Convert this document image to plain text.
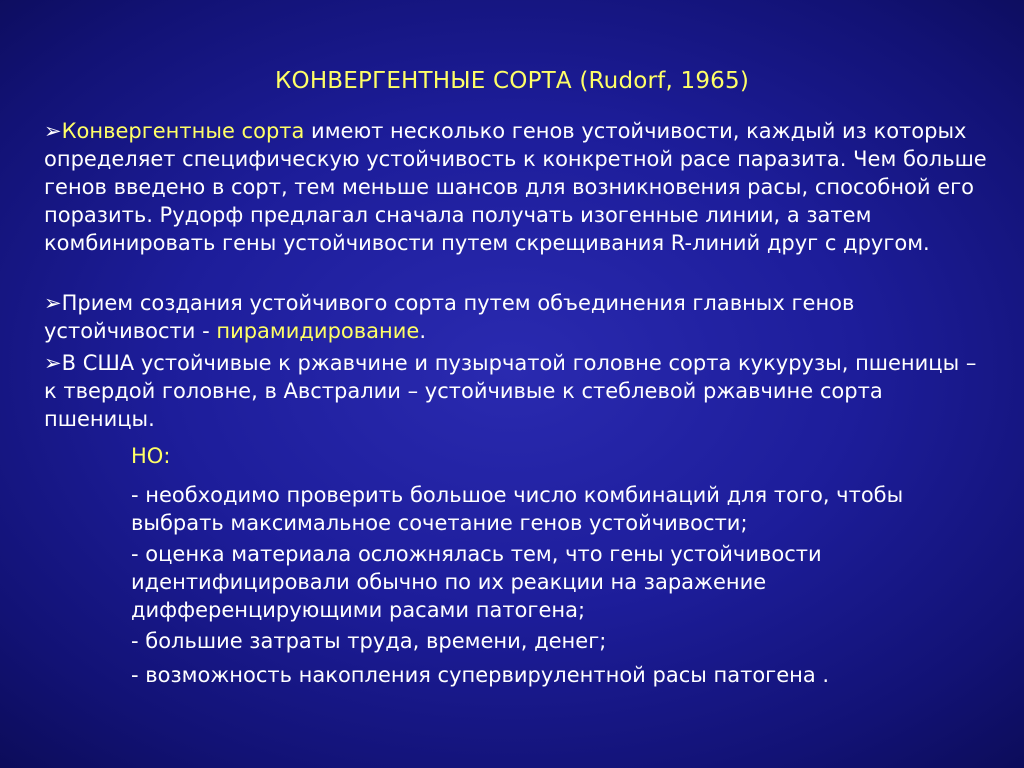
КОНВЕРГЕНТНЫЕ СОРТА (Rudorf, 1965)
➢Конвергентные сорта имеют несколько генов устойчивости, каждый из которых определяет специфическую устойчивость к конкретной расе паразита. Чем больше генов введено в сорт, тем меньше шансов для возникновения расы, способной его поразить. Рудорф предлагал сначала получать изогенные линии, а затем комбинировать гены устойчивости путем скрещивания R-линий друг с другом.
➢Прием создания устойчивого сорта путем объединения главных генов устойчивости - пирамидирование.
➢В США устойчивые к ржавчине и пузырчатой головне сорта кукурузы, пшеницы – к твердой головне, в Австралии – устойчивые к стеблевой ржавчине сорта пшеницы.
НО:
- необходимо проверить большое число комбинаций для того, чтобы выбрать максимальное сочетание генов устойчивости;
- оценка материала осложнялась тем, что гены устойчивости идентифицировали обычно по их реакции на заражение дифференцирующими расами патогена;
- большие затраты труда, времени, денег;
- возможность накопления супервирулентной расы патогена .
